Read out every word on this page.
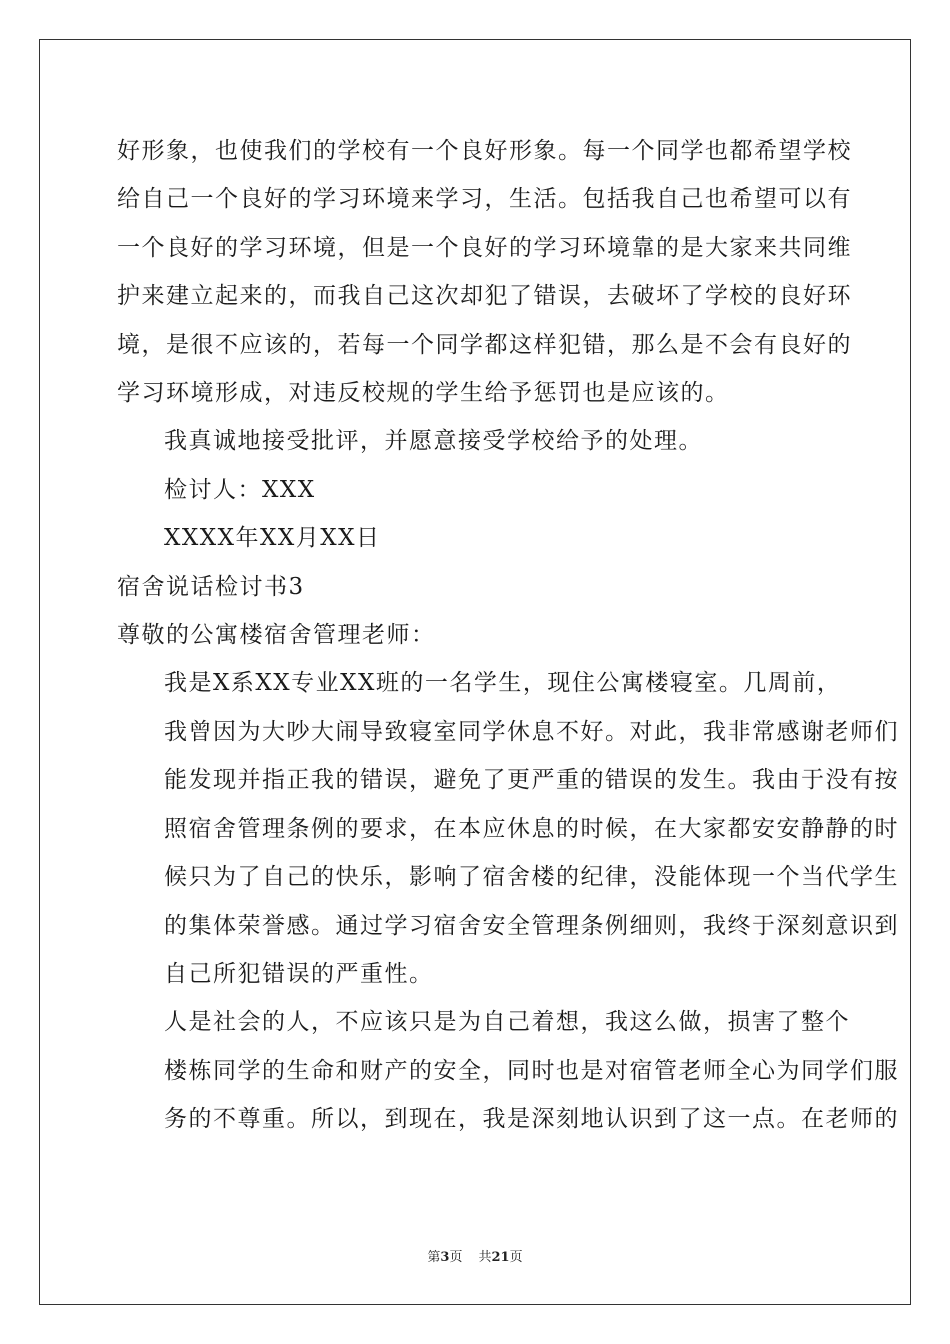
好形象，也使我们的学校有一个良好形象。每一个同学也都希望学校
给自己一个良好的学习环境来学习，生活。包括我自己也希望可以有
一个良好的学习环境，但是一个良好的学习环境靠的是大家来共同维
护来建立起来的，而我自己这次却犯了错误，去破坏了学校的良好环
境，是很不应该的，若每一个同学都这样犯错，那么是不会有良好的
学习环境形成，对违反校规的学生给予惩罚也是应该的。

我真诚地接受批评，并愿意接受学校给予的处理。

检讨人：XXX

XXXX年XX月XX日

宿舍说话检讨书3

尊敬的公寓楼宿舍管理老师：

我是X系XX专业XX班的一名学生，现住公寓楼寝室。几周前，
我曾因为大吵大闹导致寝室同学休息不好。对此，我非常感谢老师们
能发现并指正我的错误，避免了更严重的错误的发生。我由于没有按
照宿舍管理条例的要求，在本应休息的时候，在大家都安安静静的时
候只为了自己的快乐，影响了宿舍楼的纪律，没能体现一个当代学生
的集体荣誉感。通过学习宿舍安全管理条例细则，我终于深刻意识到
自己所犯错误的严重性。

人是社会的人，不应该只是为自己着想，我这么做，损害了整个
楼栋同学的生命和财产的安全，同时也是对宿管老师全心为同学们服
务的不尊重。所以，到现在，我是深刻地认识到了这一点。在老师的

第3页 共21页
